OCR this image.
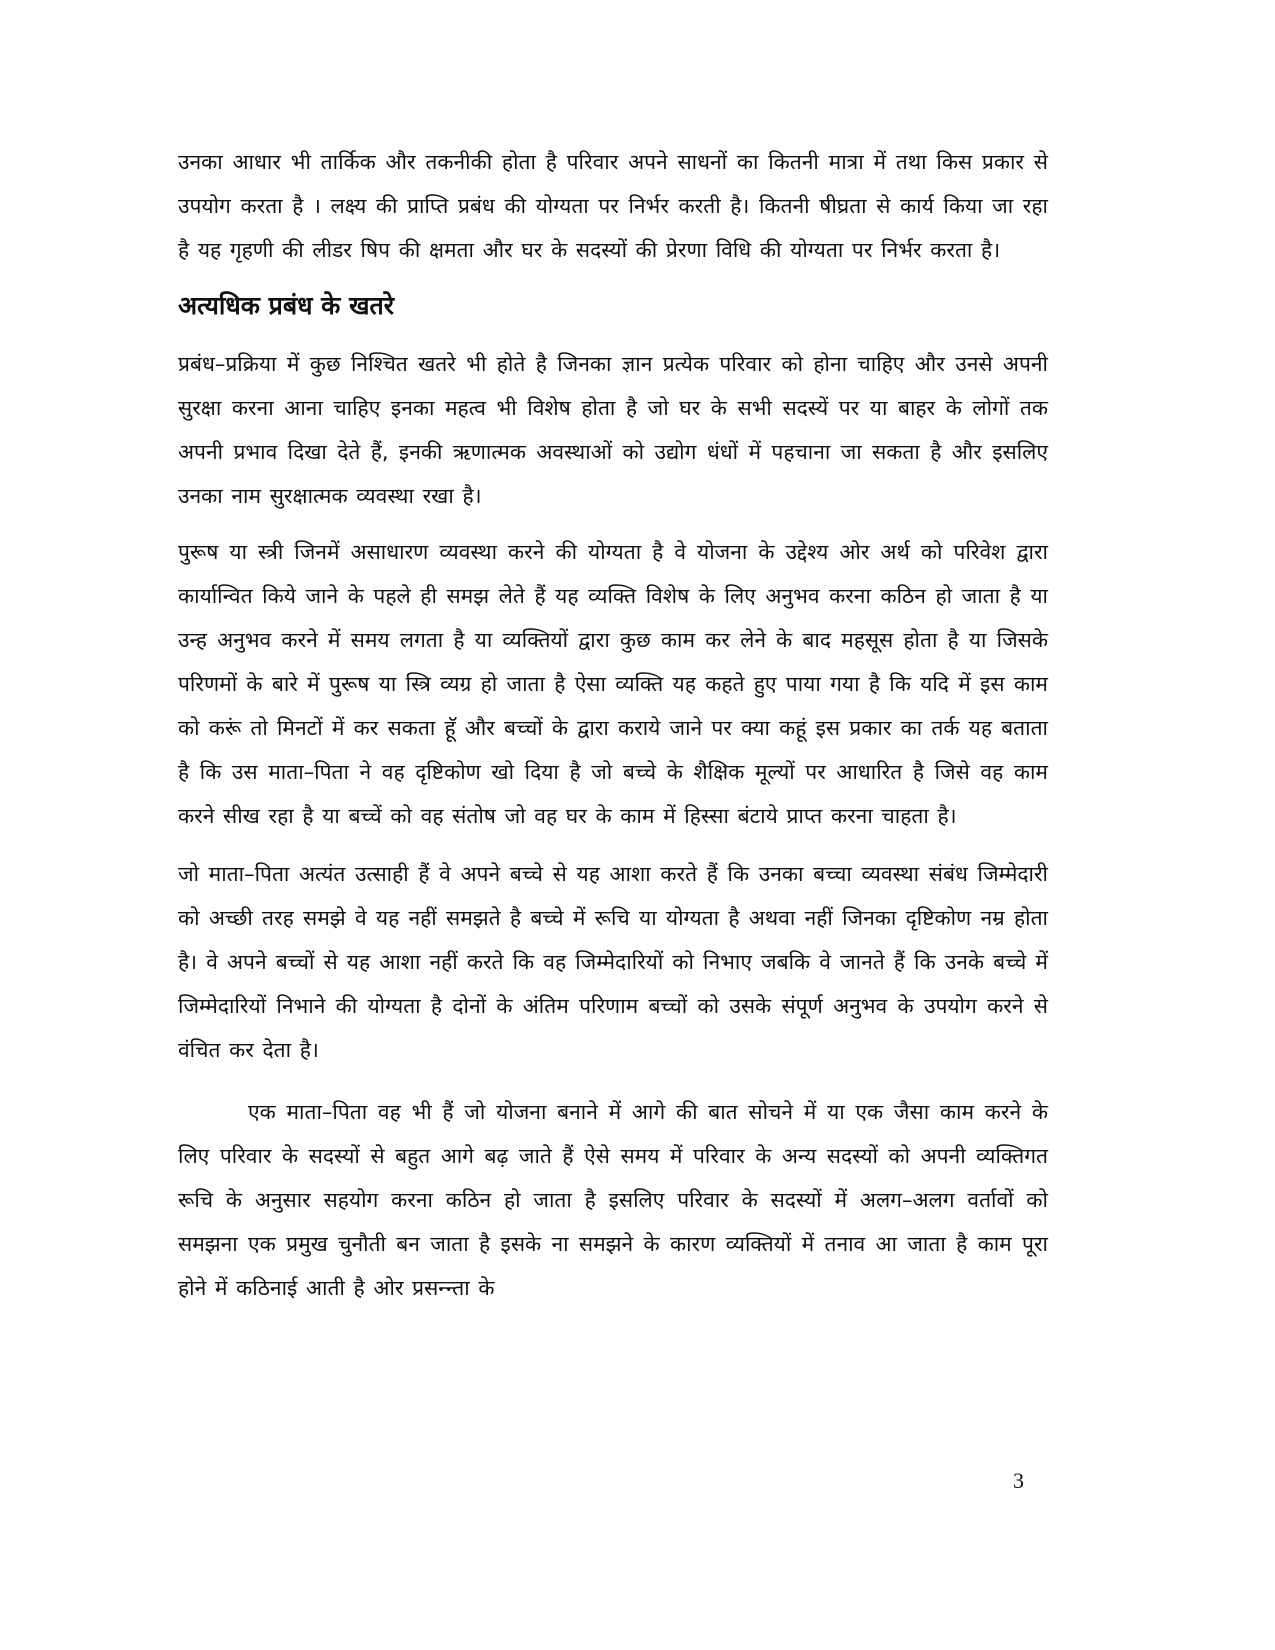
उनका आधार भी तार्किक और तकनीकी होता है परिवार अपने साधनों का कितनी मात्रा में तथा किस प्रकार से उपयोग करता है । लक्ष्य की प्राप्ति प्रबंध की योग्यता पर निर्भर करती है। कितनी षीघ्रता से कार्य किया जा रहा है यह गृहणी की लीडर षिप की क्षमता और घर के सदस्यों की प्रेरणा विधि की योग्यता पर निर्भर करता है।

अत्यधिक प्रबंध के खतरे

प्रबंध–प्रक्रिया में कुछ निश्चित खतरे भी होते है जिनका ज्ञान प्रत्येक परिवार को होना चाहिए और उनसे अपनी सुरक्षा करना आना चाहिए इनका महत्व भी विशेष होता है जो घर के सभी सदस्यें पर या बाहर के लोगों तक अपनी प्रभाव दिखा देते हैं, इनकी ऋणात्मक अवस्थाओं को उद्योग धंधों में पहचाना जा सकता है और इसलिए उनका नाम सुरक्षात्मक व्यवस्था रखा है।

पुरूष या स्त्री जिनमें असाधारण व्यवस्था करने की योग्यता है वे योजना के उद्देश्य ओर अर्थ को परिवेश द्वारा कार्यान्वित किये जाने के पहले ही समझ लेते हैं यह व्यक्ति विशेष के लिए अनुभव करना कठिन हो जाता है या उन्ह अनुभव करने में समय लगता है या व्यक्तियों द्वारा कुछ काम कर लेने के बाद महसूस होता है या जिसके परिणमों के बारे में पुरूष या स्त्रि व्यग्र हो जाता है ऐसा व्यक्ति यह कहते हुए पाया गया है कि यदि में इस काम को करूं तो मिनटों में कर सकता हूॅ और बच्चों के द्वारा कराये जाने पर क्या कहूं इस प्रकार का तर्क यह बताता है कि उस माता–पिता ने वह दृष्टिकोण खो दिया है जो बच्चे के शैक्षिक मूल्यों पर आधारित है जिसे वह काम करने सीख रहा है या बच्चें को वह संतोष जो वह घर के काम में हिस्सा बंटाये प्राप्त करना चाहता है।

जो माता–पिता अत्यंत उत्साही हैं वे अपने बच्चे से यह आशा करते हैं कि उनका बच्चा व्यवस्था संबंध जिम्मेदारी को अच्छी तरह समझे वे यह नहीं समझते है बच्चे में रूचि या योग्यता है अथवा नहीं जिनका दृष्टिकोण नम्र होता है। वे अपने बच्चों से यह आशा नहीं करते कि वह जिम्मेदारियों को निभाए जबकि वे जानते हैं कि उनके बच्चे में जिम्मेदारियों निभाने की योग्यता है दोनों के अंतिम परिणाम बच्चों को उसके संपूर्ण अनुभव के उपयोग करने से वंचित कर देता है।

एक माता–पिता वह भी हैं जो योजना बनाने में आगे की बात सोचने में या एक जैसा काम करने के लिए परिवार के सदस्यों से बहुत आगे बढ़ जाते हैं ऐसे समय में परिवार के अन्य सदस्यों को अपनी व्यक्तिगत रूचि के अनुसार सहयोग करना कठिन हो जाता है इसलिए परिवार के सदस्यों में अलग–अलग वर्तावों को समझना एक प्रमुख चुनौती बन जाता है इसके ना समझने के कारण व्यक्तियों में तनाव आ जाता है काम पूरा होने में कठिनाई आती है ओर प्रसन्न्ता के

3
